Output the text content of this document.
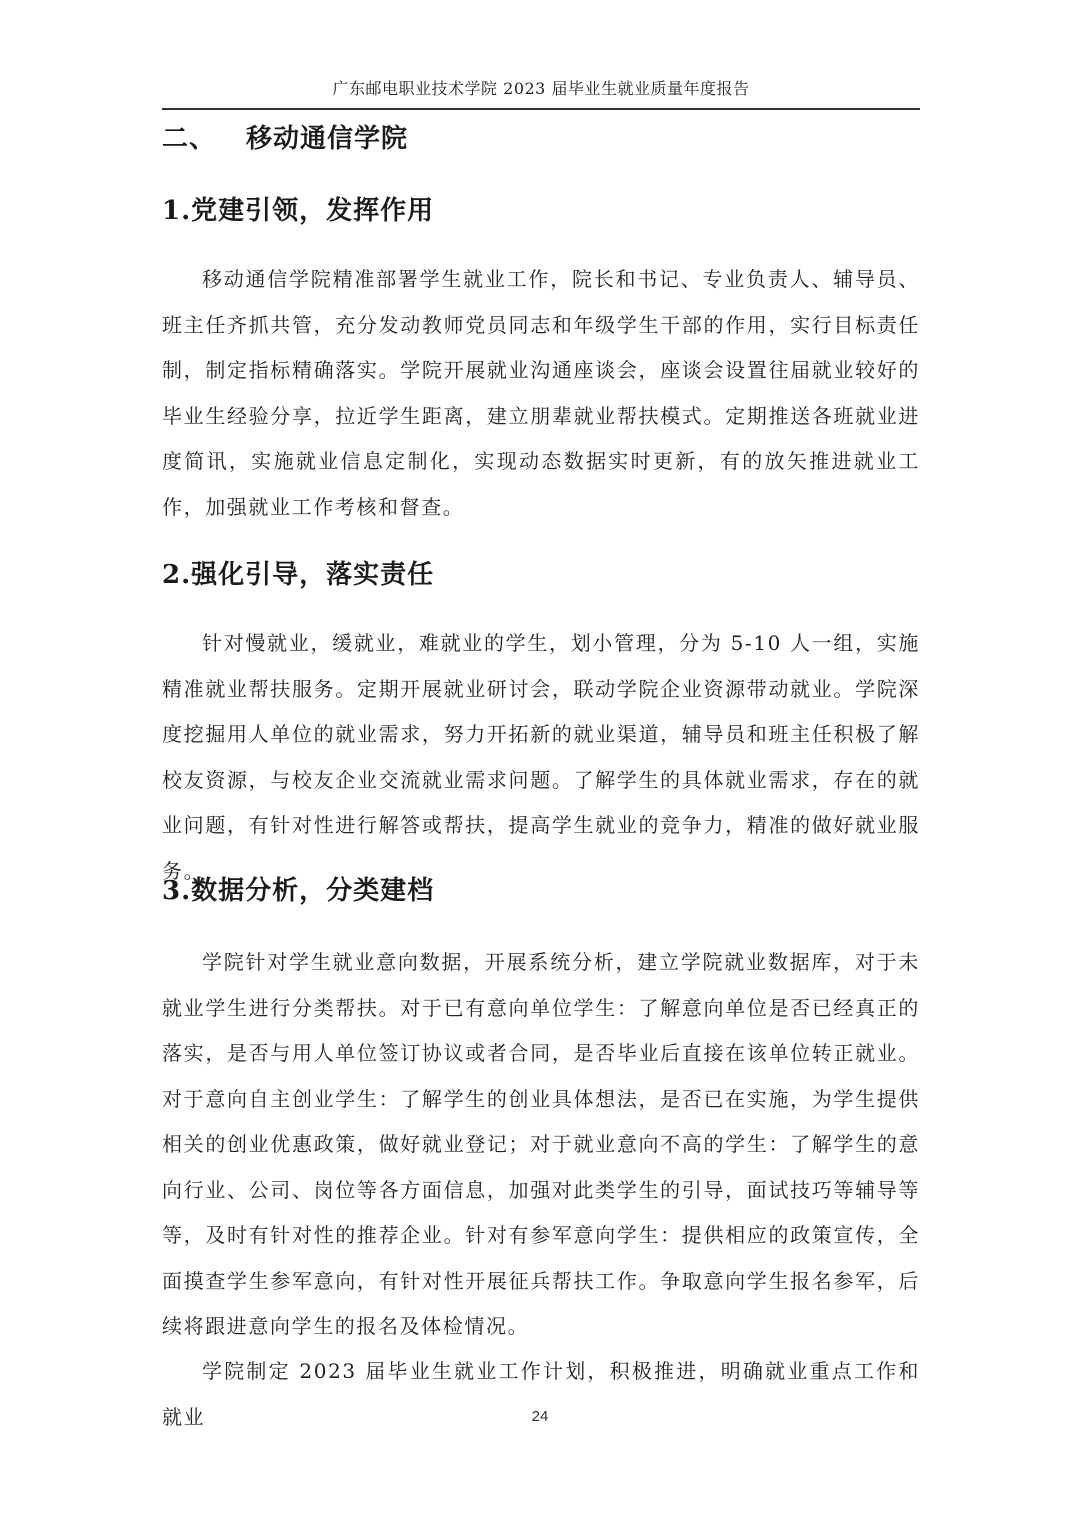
广东邮电职业技术学院 2023 届毕业生就业质量年度报告
二、 移动通信学院
1.党建引领，发挥作用

移动通信学院精准部署学生就业工作，院长和书记、专业负责人、辅导员、班主任齐抓共管，充分发动教师党员同志和年级学生干部的作用，实行目标责任制，制定指标精确落实。学院开展就业沟通座谈会，座谈会设置往届就业较好的毕业生经验分享，拉近学生距离，建立朋辈就业帮扶模式。定期推送各班就业进度简讯，实施就业信息定制化，实现动态数据实时更新，有的放矢推进就业工作，加强就业工作考核和督查。

2.强化引导，落实责任

针对慢就业，缓就业，难就业的学生，划小管理，分为 5-10 人一组，实施精准就业帮扶服务。定期开展就业研讨会，联动学院企业资源带动就业。学院深度挖掘用人单位的就业需求，努力开拓新的就业渠道，辅导员和班主任积极了解校友资源，与校友企业交流就业需求问题。了解学生的具体就业需求，存在的就业问题，有针对性进行解答或帮扶，提高学生就业的竞争力，精准的做好就业服务。

3.数据分析，分类建档

学院针对学生就业意向数据，开展系统分析，建立学院就业数据库，对于未就业学生进行分类帮扶。对于已有意向单位学生：了解意向单位是否已经真正的落实，是否与用人单位签订协议或者合同，是否毕业后直接在该单位转正就业。对于意向自主创业学生：了解学生的创业具体想法，是否已在实施，为学生提供相关的创业优惠政策，做好就业登记；对于就业意向不高的学生：了解学生的意向行业、公司、岗位等各方面信息，加强对此类学生的引导，面试技巧等辅导等等，及时有针对性的推荐企业。针对有参军意向学生：提供相应的政策宣传，全面摸查学生参军意向，有针对性开展征兵帮扶工作。争取意向学生报名参军，后续将跟进意向学生的报名及体检情况。

学院制定 2023 届毕业生就业工作计划，积极推进，明确就业重点工作和就业	24
